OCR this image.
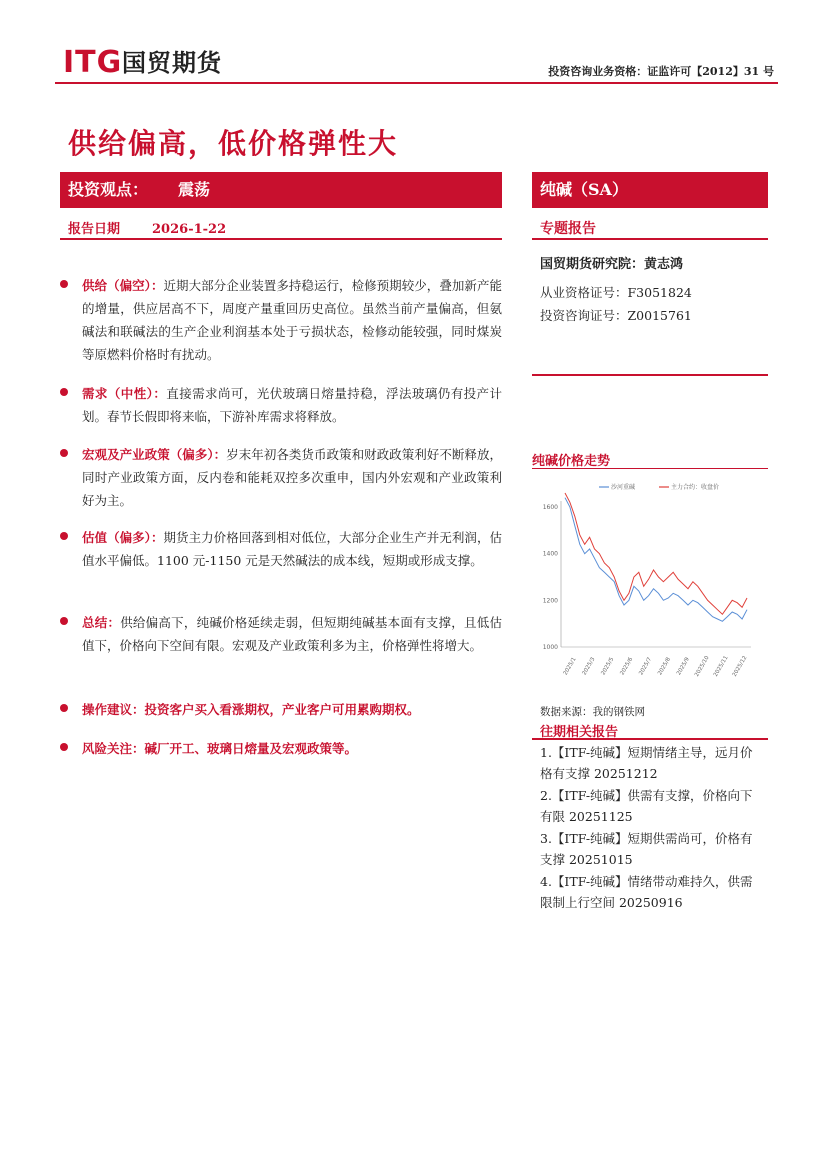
ITG 国贸期货	投资咨询业务资格：证监许可【2012】31 号
供给偏高，低价格弹性大
投资观点： 震荡
报告日期 2026-1-22
纯碱（SA）
专题报告
供给（偏空）：近期大部分企业装置多持稳运行，检修预期较少，叠加新产能的增量，供应居高不下，周度产量重回历史高位。虽然当前产量偏高，但氨碱法和联碱法的生产企业利润基本处于亏损状态，检修动能较强，同时煤炭等原燃料价格时有扰动。
需求（中性）：直接需求尚可，光伏玻璃日熔量持稳，浮法玻璃仍有投产计划。春节长假即将来临，下游补库需求将释放。
宏观及产业政策（偏多）：岁末年初各类货币政策和财政政策利好不断释放，同时产业政策方面，反内卷和能耗双控多次重申，国内外宏观和产业政策利好为主。
估值（偏多）：期货主力价格回落到相对低位，大部分企业生产并无利润，估值水平偏低。1100 元-1150 元是天然碱法的成本线，短期或形成支撑。
总结：供给偏高下，纯碱价格延续走弱，但短期纯碱基本面有支撑，且低估值下，价格向下空间有限。宏观及产业政策利多为主，价格弹性将增大。
操作建议：投资客户买入看涨期权，产业客户可用累购期权。
风险关注：碱厂开工、玻璃日熔量及宏观政策等。
国贸期货研究院：黄志鸿
从业资格证号：F3051824
投资咨询证号：Z0015761
纯碱价格走势
1000
1200
1400
1600
2025/1 2025/3 2025/5 2025/6 2025/7 2025/8 2025/9 2025/10 2025/11 2025/12
沙河重碱	主力合约：收盘价
数据来源：我的钢铁网
往期相关报告
1.【ITF-纯碱】短期情绪主导，远月价格有支撑 20251212
2.【ITF-纯碱】供需有支撑，价格向下有限 20251125
3.【ITF-纯碱】短期供需尚可，价格有支撑 20251015
4.【ITF-纯碱】情绪带动难持久，供需限制上行空间 20250916
